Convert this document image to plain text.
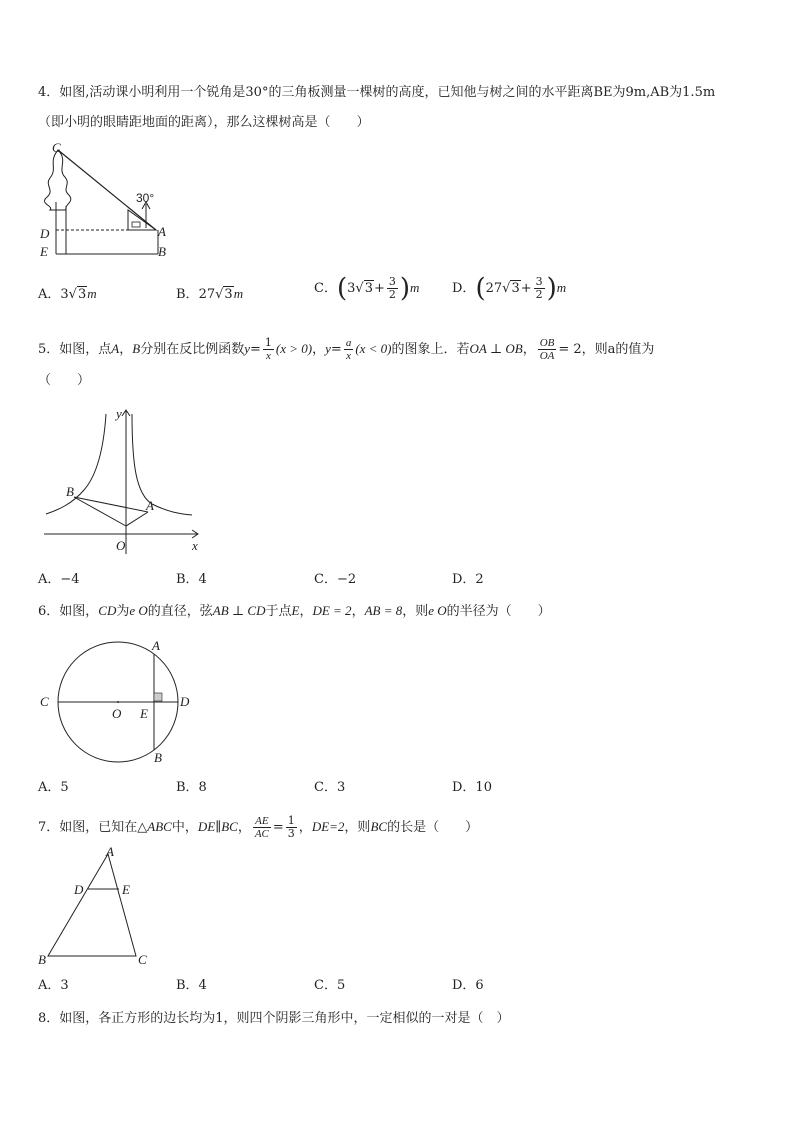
4．如图,活动课小明利用一个锐角是30°的三角板测量一棵树的高度，已知他与树之间的水平距离BE为9m,AB为1.5m
（即小明的眼睛距地面的距离），那么这棵树高是（　　）
C
D
E
A
B
30°
A．3√3m	B．27√3m	C．$(3√3+ \frac{3}{2} )m$	D．$(27√3+ \frac{3}{2} )m$
5．如图，点A，B分别在反比例函数$y= \frac{1}{x} (x > 0)$，$y= \frac{a}{x} (x < 0)$的图象上．若OA ⊥ OB， $\frac{OB}{OA} = 2$，则a的值为
（　　）
B
A
O
y
x
A．−4	B．4	C．−2	D．2
6．如图，CD为e O的直径，弦AB ⊥ CD于点E，DE = 2，AB = 8，则e O的半径为（　　）
C	D
A
B
O E
A．5	B．8	C．3	D．10
7．如图，已知在△ABC中，DE∥BC， $\frac{AE}{AC} = \frac{1}{3}$ ，DE=2，则BC的长是（　　）
A
D	E
B	C
A．3	B．4	C．5	D．6
8．如图，各正方形的边长均为1，则四个阴影三角形中，一定相似的一对是（　）
